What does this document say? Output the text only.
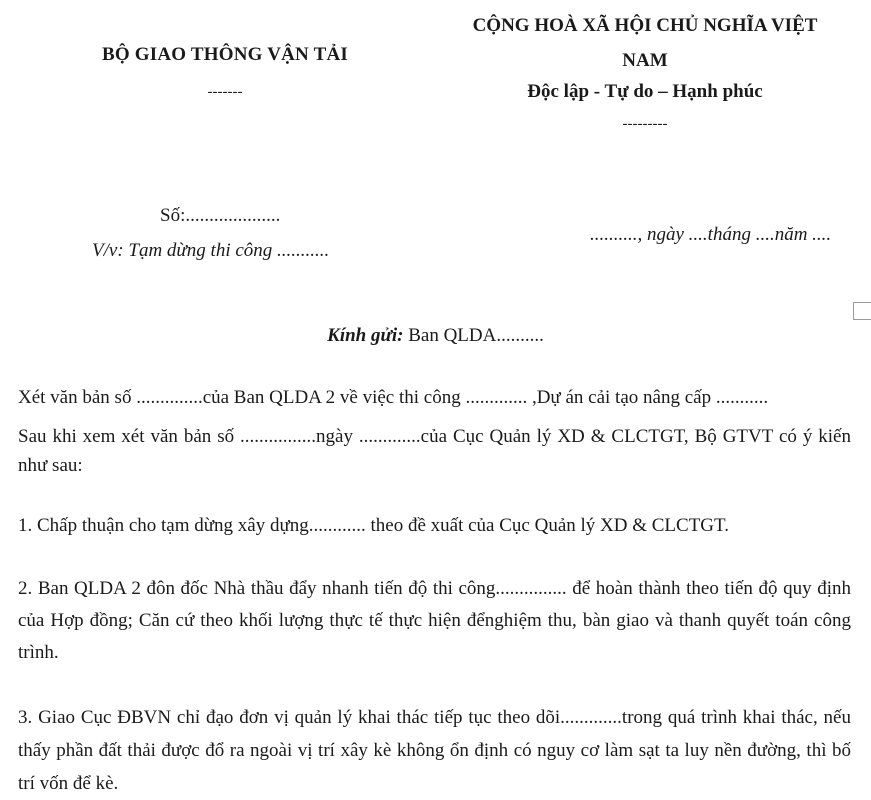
BỘ GIAO THÔNG VẬN TẢI
-------
CỘNG HOÀ XÃ HỘI CHỦ NGHĨA VIỆT
NAM
Độc lập - Tự do – Hạnh phúc
---------
Số:....................
V/v: Tạm dừng thi công ...........
.........., ngày ....tháng ....năm ....
Kính gửi: Ban QLDA..........

Xét văn bản số ..............của Ban QLDA 2 về việc thi công ............. ,Dự án cải tạo nâng cấp ...........

Sau khi xem xét văn bản số ................ngày .............của Cục Quản lý XD & CLCTGT, Bộ GTVT có ý kiến như sau:

1. Chấp thuận cho tạm dừng xây dựng............ theo đề xuất của Cục Quản lý XD & CLCTGT.

2. Ban QLDA 2 đôn đốc Nhà thầu đẩy nhanh tiến độ thi công............... để hoàn thành theo tiến độ quy định của Hợp đồng; Căn cứ theo khối lượng thực tế thực hiện đểnghiệm thu, bàn giao và thanh quyết toán công trình.

3. Giao Cục ĐBVN chỉ đạo đơn vị quản lý khai thác tiếp tục theo dõi.............trong quá trình khai thác, nếu thấy phần đất thải được đổ ra ngoài vị trí xây kè không ổn định có nguy cơ làm sạt ta luy nền đường, thì bố trí vốn để kè.
